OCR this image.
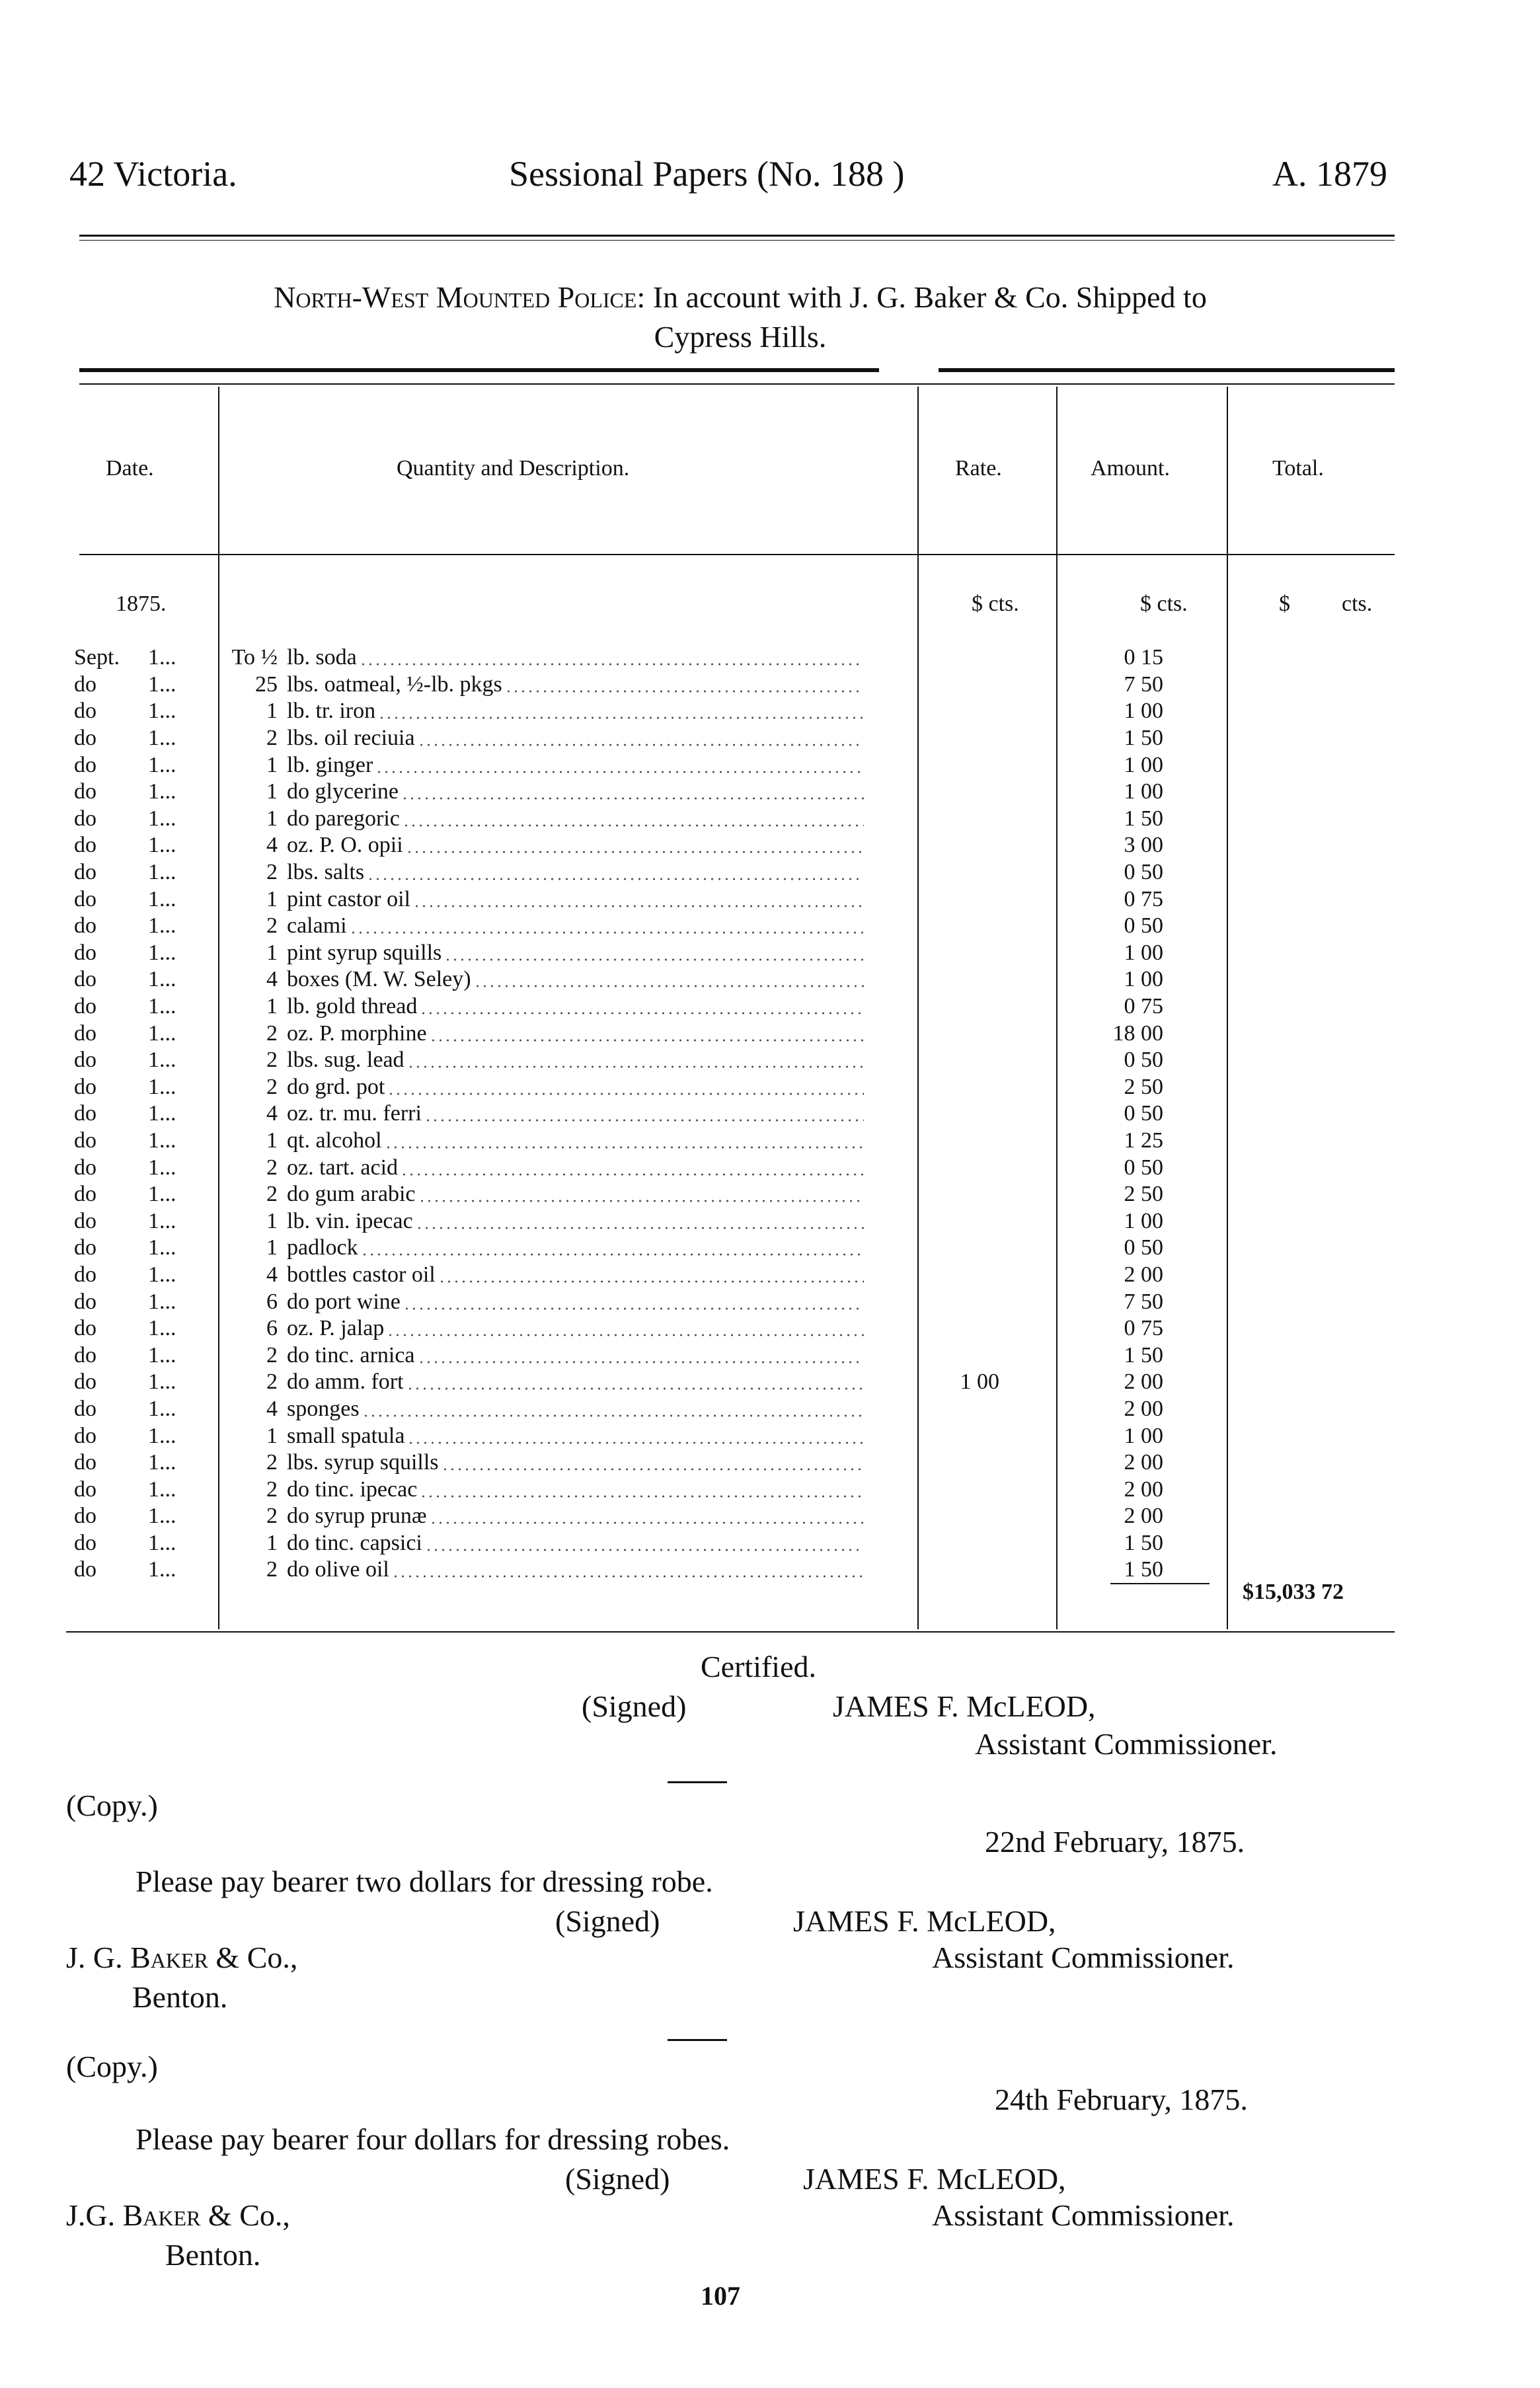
42 Victoria.	Sessional Papers (No. 188 )	A. 1879
North-West Mounted Police: In account with J. G. Baker & Co. Shipped to
Cypress Hills.
Date.	Quantity and Description.	Rate.	Amount.	Total.
1875.	$ cts.	$ cts.	$ cts.
Sept.	1...	To ½	lb. soda		0 15
do	1...	25	lbs. oatmeal, ½-lb. pkgs		7 50
do	1...	1	lb. tr. iron		1 00
do	1...	2	lbs. oil reciuia		1 50
do	1...	1	lb. ginger		1 00
do	1...	1	do glycerine		1 00
do	1...	1	do paregoric		1 50
do	1...	4	oz. P. O. opii		3 00
do	1...	2	lbs. salts		0 50
do	1...	1	pint castor oil		0 75
do	1...	2	calami		0 50
do	1...	1	pint syrup squills		1 00
do	1...	4	boxes (M. W. Seley)		1 00
do	1...	1	lb. gold thread		0 75
do	1...	2	oz. P. morphine		18 00
do	1...	2	lbs. sug. lead		0 50
do	1...	2	do grd. pot		2 50
do	1...	4	oz. tr. mu. ferri		0 50
do	1...	1	qt. alcohol		1 25
do	1...	2	oz. tart. acid		0 50
do	1...	2	do gum arabic		2 50
do	1...	1	lb. vin. ipecac		1 00
do	1...	1	padlock		0 50
do	1...	4	bottles castor oil		2 00
do	1...	6	do port wine		7 50
do	1...	6	oz. P. jalap		0 75
do	1...	2	do tinc. arnica		1 50
do	1...	2	do amm. fort	1 00	2 00
do	1...	4	sponges		2 00
do	1...	1	small spatula		1 00
do	1...	2	lbs. syrup squills		2 00
do	1...	2	do tinc. ipecac		2 00
do	1...	2	do syrup prunæ		2 00
do	1...	1	do tinc. capsici		1 50
do	1...	2	do olive oil		1 50
$15,033 72
Certified.
(Signed)	JAMES F. McLEOD,
Assistant Commissioner.
(Copy.)
22nd February, 1875.
Please pay bearer two dollars for dressing robe.
(Signed)	JAMES F. McLEOD,
J. G. Baker & Co.,	Assistant Commissioner.
Benton.
(Copy.)
24th February, 1875.
Please pay bearer four dollars for dressing robes.
(Signed)	JAMES F. McLEOD,
J.G. Baker & Co.,	Assistant Commissioner.
Benton.
107
